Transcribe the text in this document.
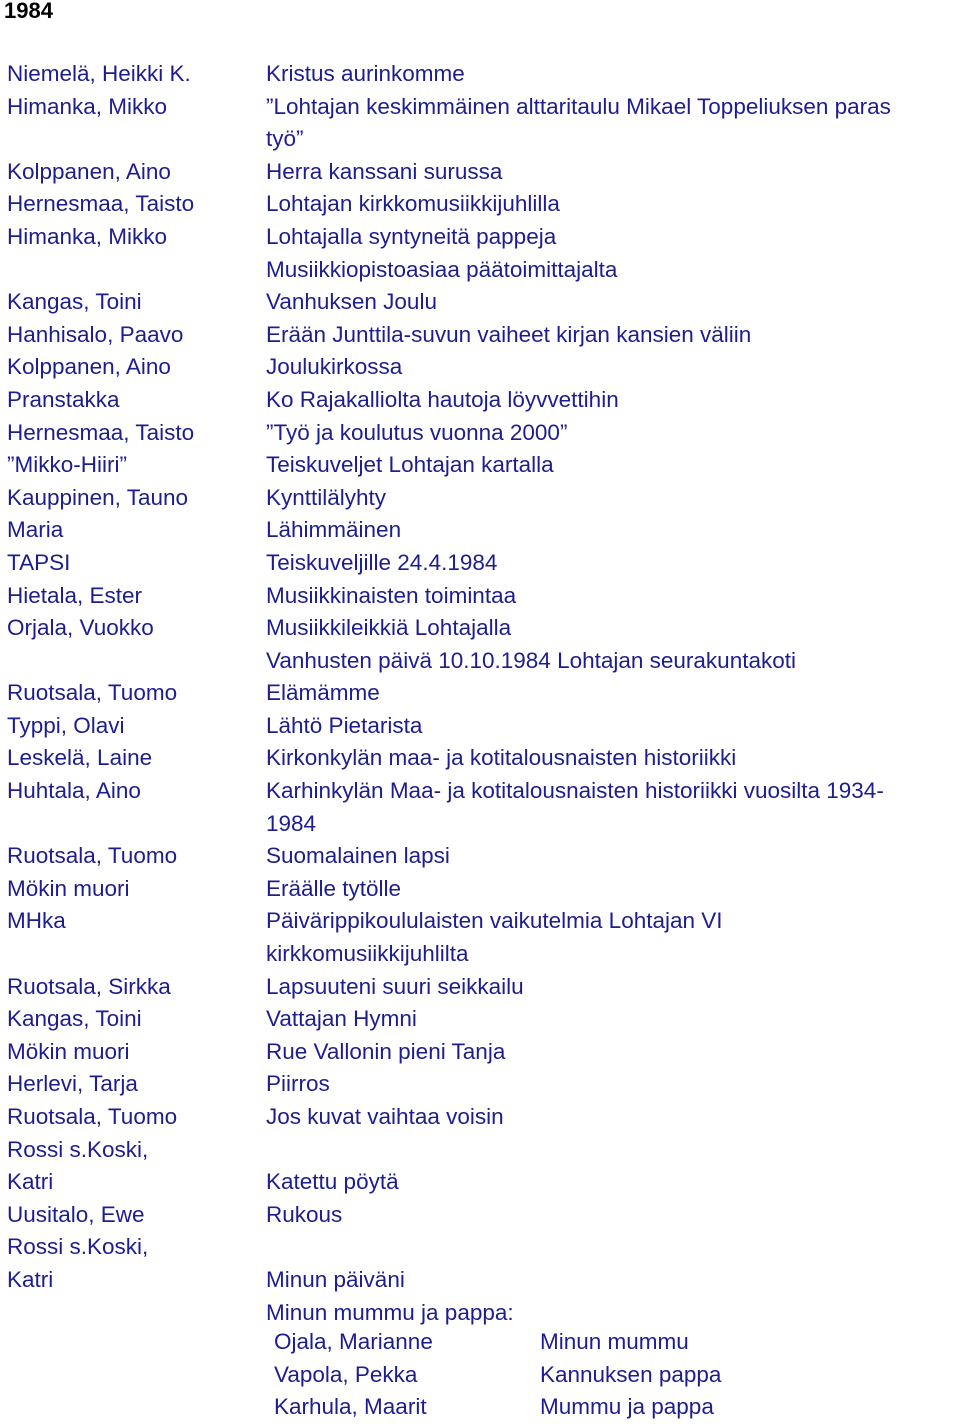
1984
Niemelä, Heikki K.	Kristus aurinkomme
Himanka, Mikko	”Lohtajan keskimmäinen alttaritaulu Mikael Toppeliuksen paras
työ”
Kolppanen, Aino	Herra kanssani surussa
Hernesmaa, Taisto	Lohtajan kirkkomusiikkijuhlilla
Himanka, Mikko	Lohtajalla syntyneitä pappeja
Musiikkiopistoasiaa päätoimittajalta
Kangas, Toini	Vanhuksen Joulu
Hanhisalo, Paavo	Erään Junttila-suvun vaiheet kirjan kansien väliin
Kolppanen, Aino	Joulukirkossa
Pranstakka	Ko Rajakalliolta hautoja löyvvettihin
Hernesmaa, Taisto	”Työ ja koulutus vuonna 2000”
”Mikko-Hiiri”	Teiskuveljet Lohtajan kartalla
Kauppinen, Tauno	Kynttilälyhty
Maria	Lähimmäinen
TAPSI	Teiskuveljille 24.4.1984
Hietala, Ester	Musiikkinaisten toimintaa
Orjala, Vuokko	Musiikkileikkiä Lohtajalla
Vanhusten päivä 10.10.1984 Lohtajan seurakuntakoti
Ruotsala, Tuomo	Elämämme
Typpi, Olavi	Lähtö Pietarista
Leskelä, Laine	Kirkonkylän maa- ja kotitalousnaisten historiikki
Huhtala, Aino	Karhinkylän Maa- ja kotitalousnaisten historiikki vuosilta 1934-
1984
Ruotsala, Tuomo	Suomalainen lapsi
Mökin muori	Eräälle tytölle
MHka	Päivärippikoululaisten vaikutelmia Lohtajan VI
kirkkomusiikkijuhlilta
Ruotsala, Sirkka	Lapsuuteni suuri seikkailu
Kangas, Toini	Vattajan Hymni
Mökin muori	Rue Vallonin pieni Tanja
Herlevi, Tarja	Piirros
Ruotsala, Tuomo	Jos kuvat vaihtaa voisin
Rossi s.Koski,
Katri	Katettu pöytä
Uusitalo, Ewe	Rukous
Rossi s.Koski,
Katri	Minun päiväni
Minun mummu ja pappa:
Ojala, Marianne	Minun mummu
Vapola, Pekka	Kannuksen pappa
Karhula, Maarit	Mummu ja pappa
